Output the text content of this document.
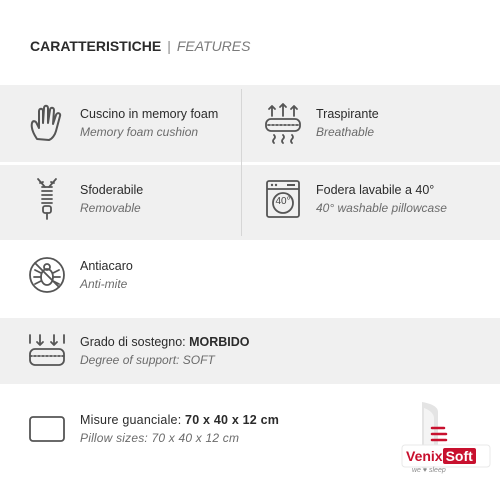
CARATTERISTICHE | FEATURES
Cuscino in memory foam
Memory foam cushion
Traspirante
Breathable
Sfoderabile
Removable	40°
Fodera lavabile a 40°
40° washable pillowcase
Antiacaro
Anti-mite
Grado di sostegno: MORBIDO
Degree of support: SOFT
Misure guanciale: 70 x 40 x 12 cm
Pillow sizes: 70 x 40 x 12 cm
Venix Soft
we ♥ sleep
